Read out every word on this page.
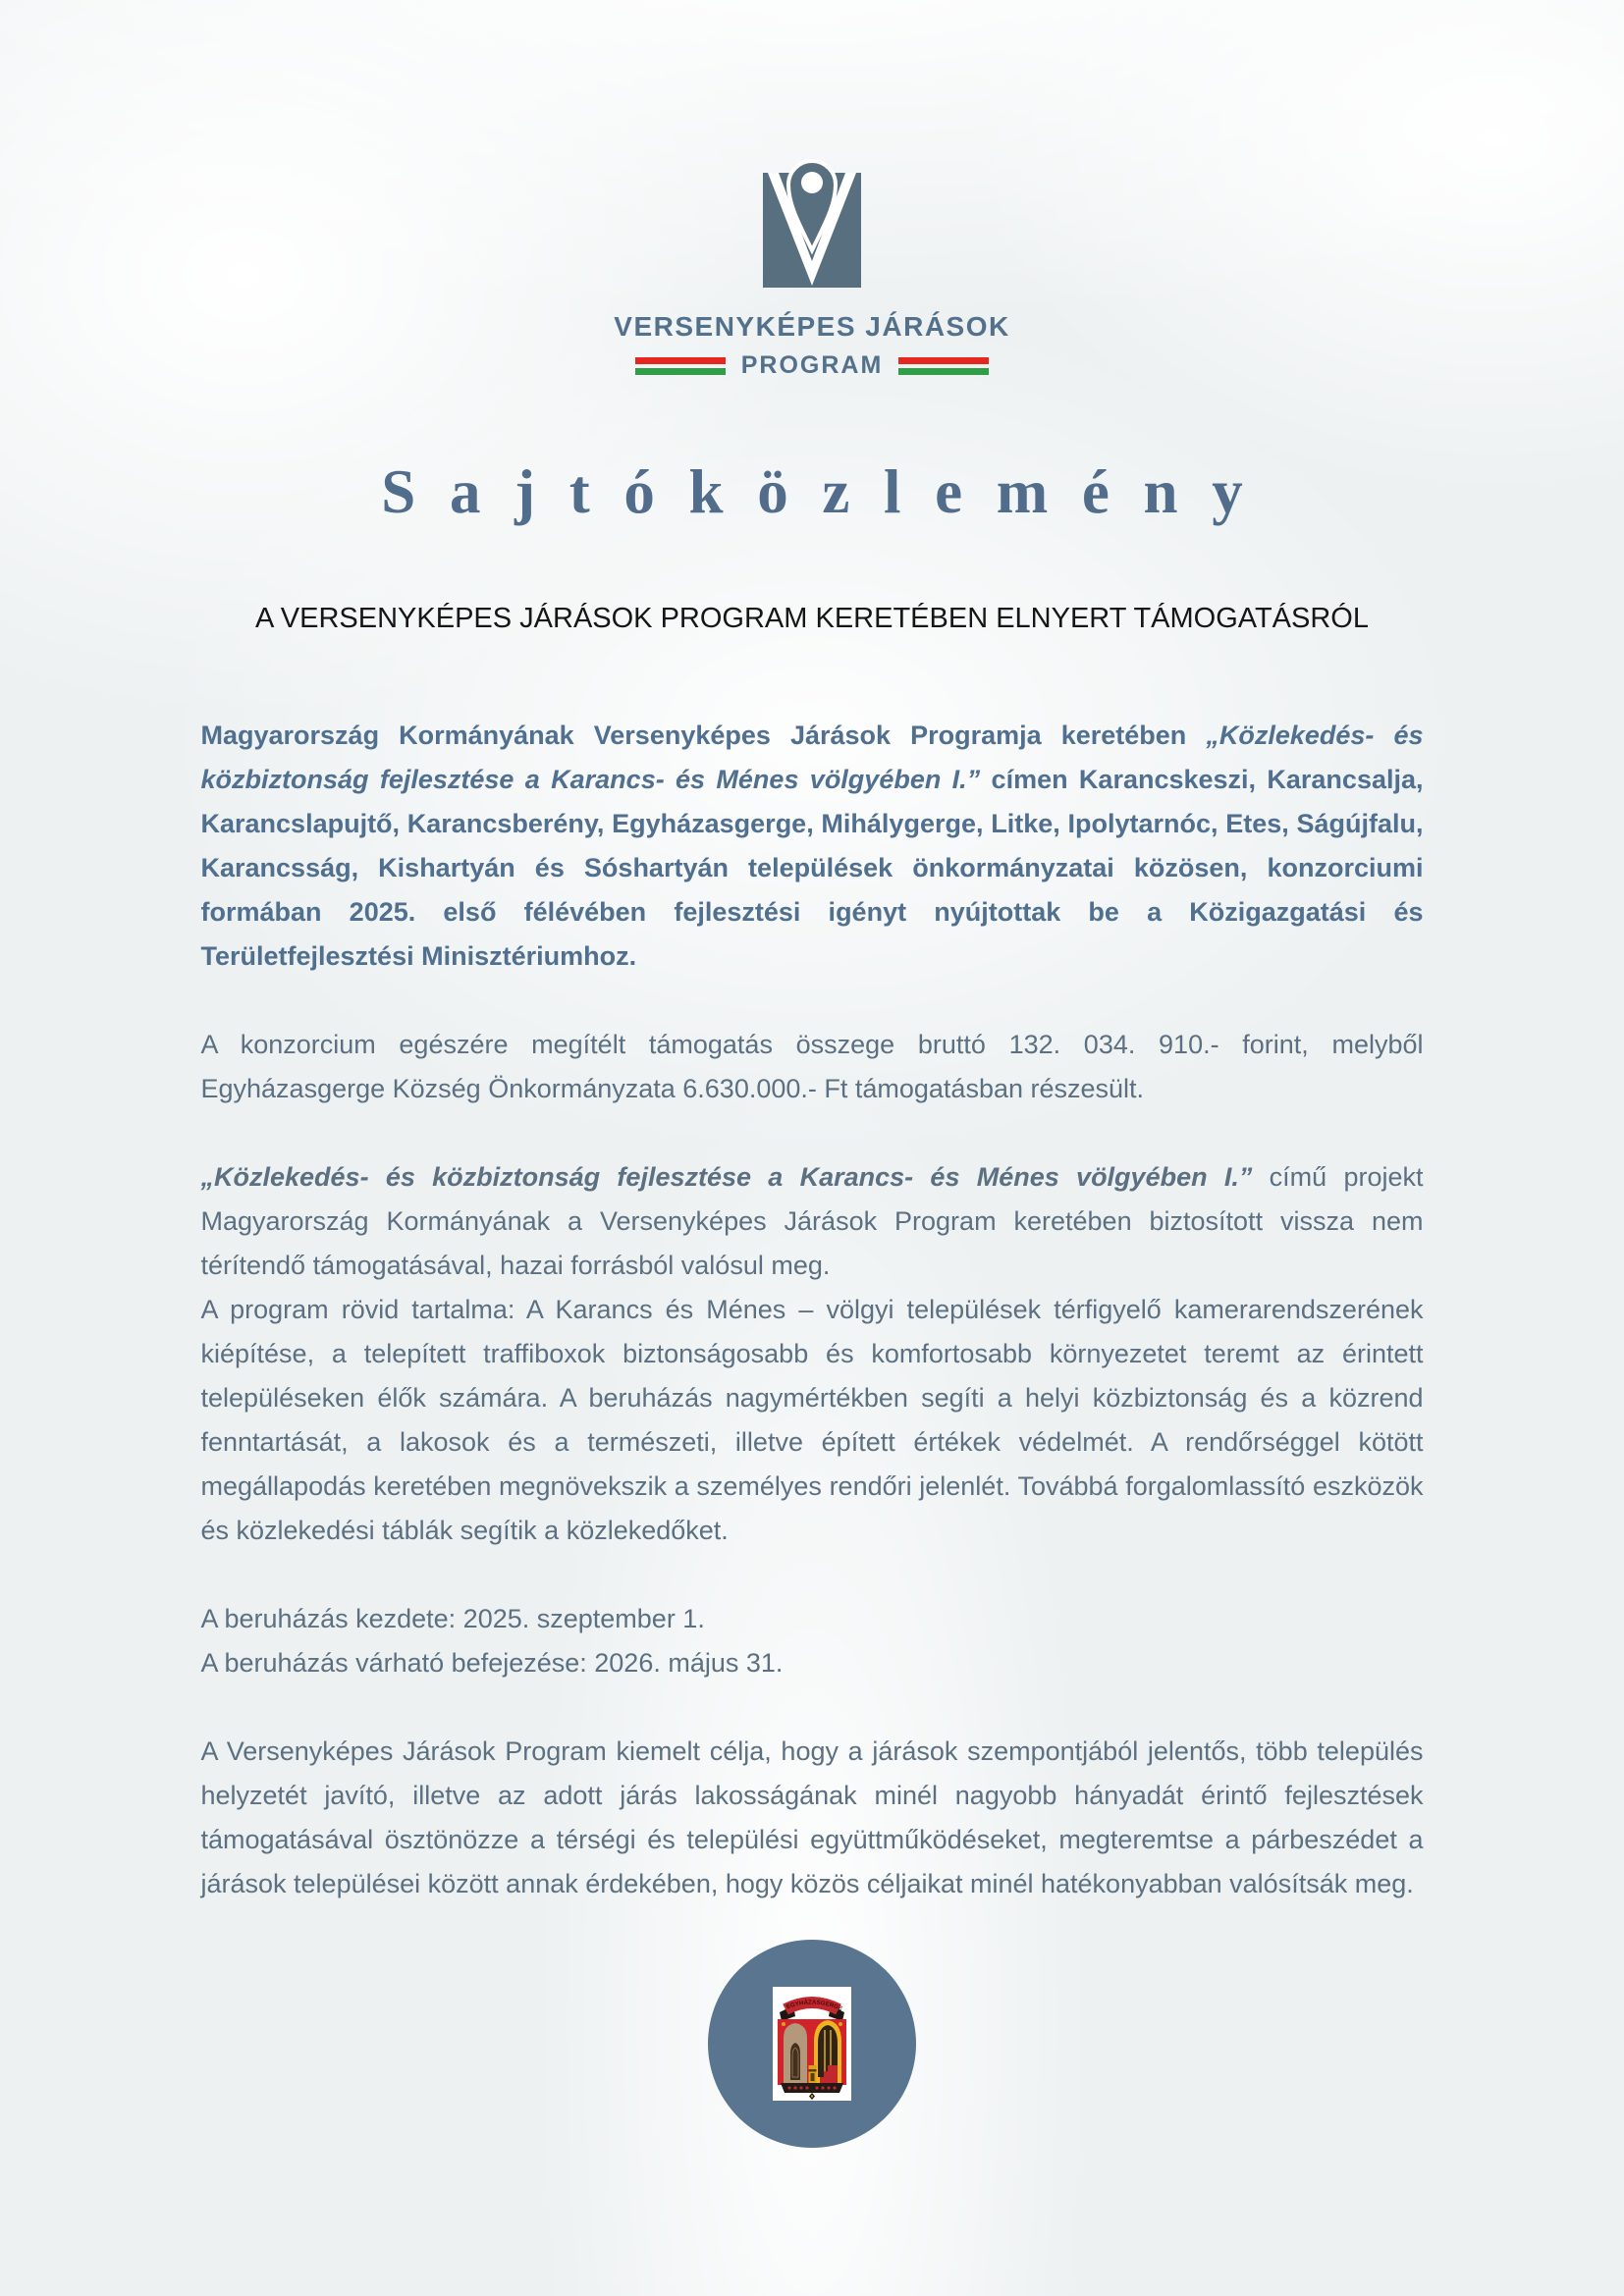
VERSENYKÉPES JÁRÁSOK
PROGRAM
Sajtóközlemény
A VERSENYKÉPES JÁRÁSOK PROGRAM KERETÉBEN ELNYERT TÁMOGATÁSRÓL

Magyarország Kormányának Versenyképes Járások Programja keretében „Közlekedés- és közbiztonság fejlesztése a Karancs- és Ménes völgyében I.” címen Karancskeszi, Karancsalja, Karancslapujtő, Karancsberény, Egyházasgerge, Mihálygerge, Litke, Ipolytarnóc, Etes, Ságújfalu, Karancsság, Kishartyán és Sóshartyán települések önkormányzatai közösen, konzorciumi formában 2025. első félévében fejlesztési igényt nyújtottak be a Közigazgatási és Területfejlesztési Minisztériumhoz.

A konzorcium egészére megítélt támogatás összege bruttó 132. 034. 910.- forint, melyből Egyházasgerge Község Önkormányzata 6.630.000.- Ft támogatásban részesült.

„Közlekedés- és közbiztonság fejlesztése a Karancs- és Ménes völgyében I.” című projekt Magyarország Kormányának a Versenyképes Járások Program keretében biztosított vissza nem térítendő támogatásával, hazai forrásból valósul meg.

A program rövid tartalma: A Karancs és Ménes – völgyi települések térfigyelő kamerarendszerének kiépítése, a telepített traffiboxok biztonságosabb és komfortosabb környezetet teremt az érintett településeken élők számára. A beruházás nagymértékben segíti a helyi közbiztonság és a közrend fenntartását, a lakosok és a természeti, illetve épített értékek védelmét. A rendőrséggel kötött megállapodás keretében megnövekszik a személyes rendőri jelenlét. Továbbá forgalomlassító eszközök és közlekedési táblák segítik a közlekedőket.

A beruházás kezdete: 2025. szeptember 1.
A beruházás várható befejezése: 2026. május 31.

A Versenyképes Járások Program kiemelt célja, hogy a járások szempontjából jelentős, több település helyzetét javító, illetve az adott járás lakosságának minél nagyobb hányadát érintő fejlesztések támogatásával ösztönözze a térségi és települési együttműködéseket, megteremtse a párbeszédet a járások települései között annak érdekében, hogy közös céljaikat minél hatékonyabban valósítsák meg.

EGYHÁZASGERGE
